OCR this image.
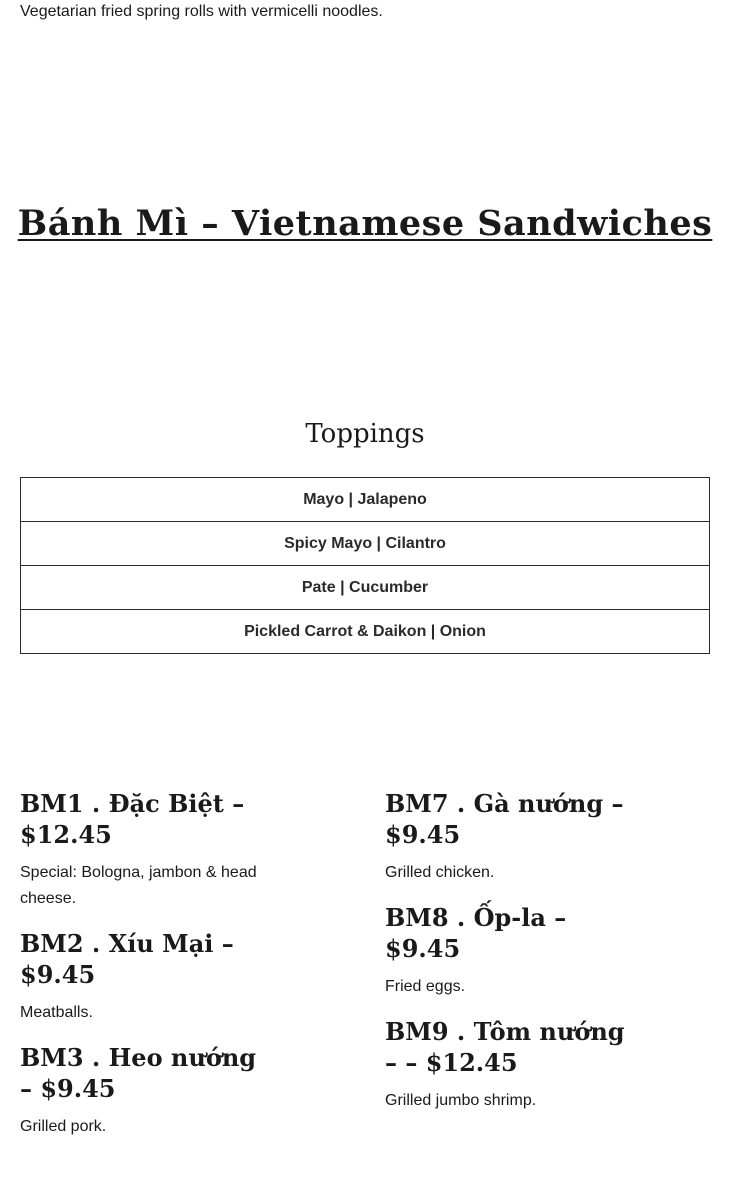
Vegetarian fried spring rolls with vermicelli noodles.
Bánh Mì – Vietnamese Sandwiches
Toppings
Mayo | Jalapeno
Spicy Mayo | Cilantro
Pate | Cucumber
Pickled Carrot & Daikon | Onion
BM1 . Đặc Biệt – $12.45

Special: Bologna, jambon & head cheese.

BM2 . Xíu Mại – $9.45

Meatballs.

BM3 . Heo nướng – $9.45

Grilled pork.

BM7 . Gà nướng – $9.45

Grilled chicken.

BM8 . Ốp-la – $9.45

Fried eggs.

BM9 . Tôm nướng – – $12.45

Grilled jumbo shrimp.
